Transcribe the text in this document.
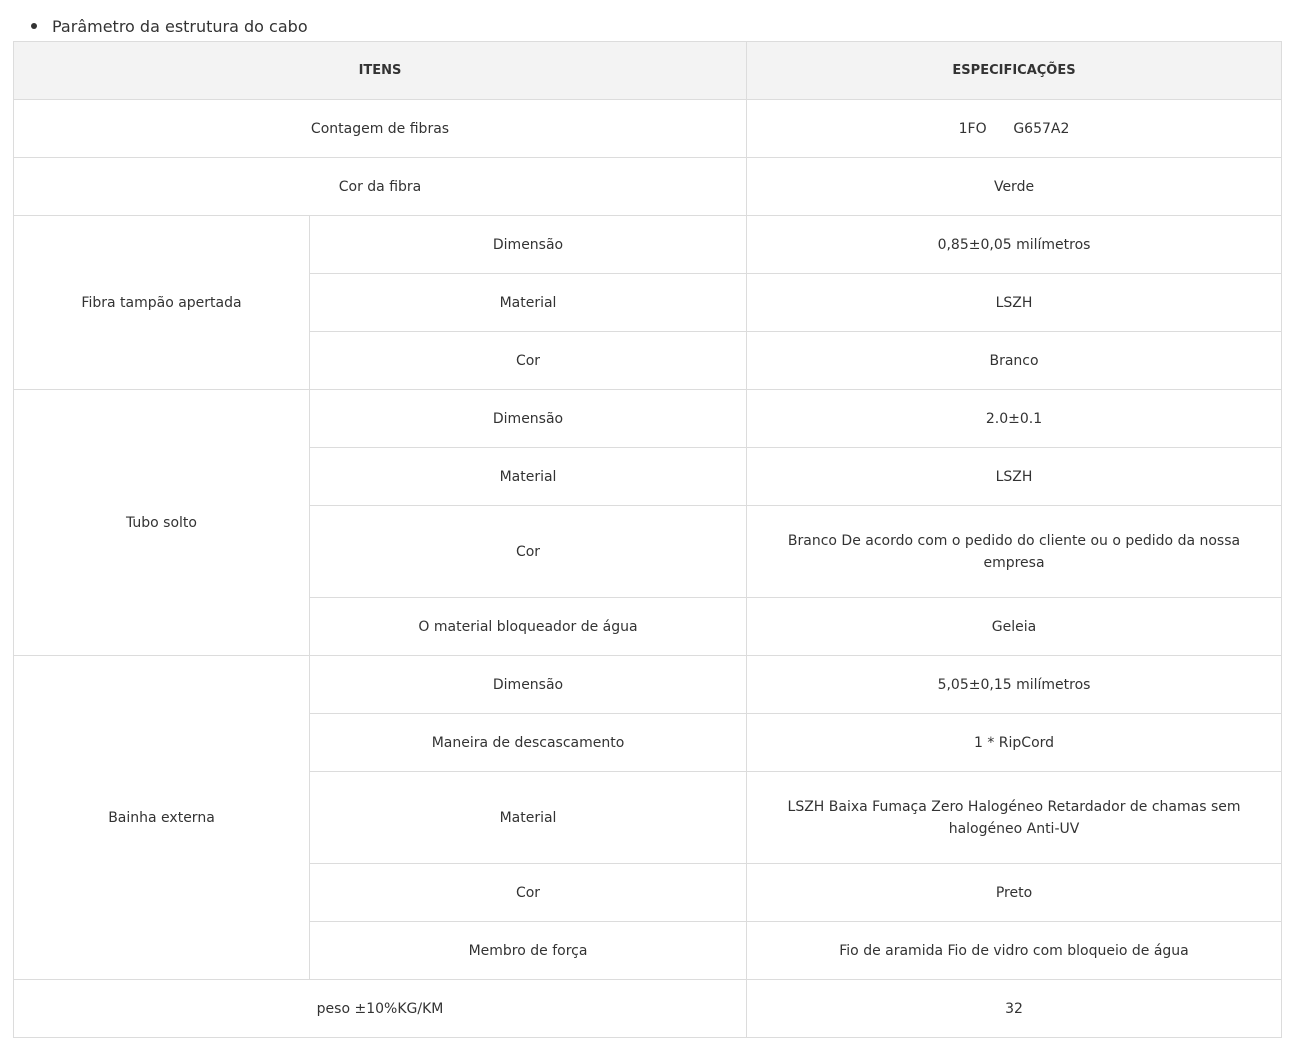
Parâmetro da estrutura do cabo
ITENS		ESPECIFICAÇÕES
Contagem de fibras		1FO      G657A2
Cor da fibra		Verde
Fibra tampão apertada	Dimensão	0,85±0,05 milímetros
	Material	LSZH
	Cor	Branco
Tubo solto	Dimensão	2.0±0.1
	Material	LSZH
	Cor	Branco De acordo com o pedido do cliente ou o pedido da nossa empresa
	O material bloqueador de água	Geleia
Bainha externa	Dimensão	5,05±0,15 milímetros
	Maneira de descascamento	1 * RipCord
	Material	LSZH Baixa Fumaça Zero Halogéneo Retardador de chamas sem halogéneo Anti-UV
	Cor	Preto
	Membro de força	Fio de aramida Fio de vidro com bloqueio de água
peso ±10%KG/KM		32
